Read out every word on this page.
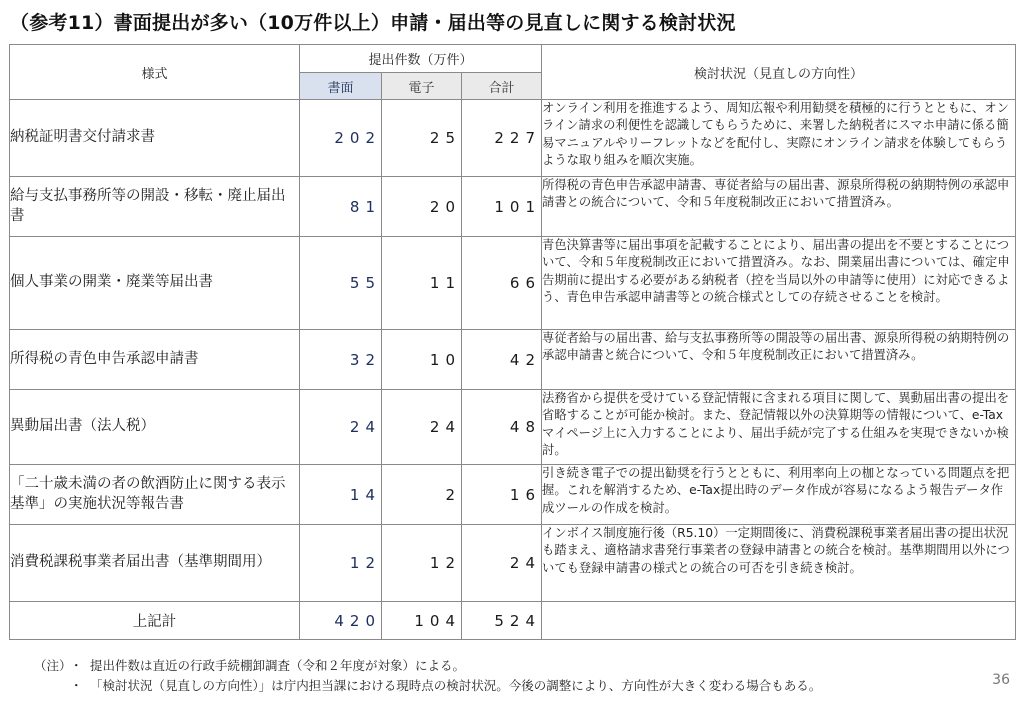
（参考11）書面提出が多い（10万件以上）申請・届出等の見直しに関する検討状況
様式	提出件数（万件）			検討状況（見直しの方向性）
	書面	電子	合計	
納税証明書交付請求書	202	25	227	オンライン利用を推進するよう、周知広報や利用勧奨を積極的に行うとともに、オンライン請求の利便性を認識してもらうために、来署した納税者にスマホ申請に係る簡易マニュアルやリーフレットなどを配付し、実際にオンライン請求を体験してもらうような取り組みを順次実施。
給与支払事務所等の開設・移転・廃止届出書	81	20	101	所得税の青色申告承認申請書、専従者給与の届出書、源泉所得税の納期特例の承認申請書との統合について、令和５年度税制改正において措置済み。
個人事業の開業・廃業等届出書	55	11	66	青色決算書等に届出事項を記載することにより、届出書の提出を不要とすることについて、令和５年度税制改正において措置済み。なお、開業届出書については、確定申告期前に提出する必要がある納税者（控を当局以外の申請等に使用）に対応できるよう、青色申告承認申請書等との統合様式としての存続させることを検討。
所得税の青色申告承認申請書	32	10	42	専従者給与の届出書、給与支払事務所等の開設等の届出書、源泉所得税の納期特例の承認申請書と統合について、令和５年度税制改正において措置済み。
異動届出書（法人税）	24	24	48	法務省から提供を受けている登記情報に含まれる項目に関して、異動届出書の提出を省略することが可能か検討。また、登記情報以外の決算期等の情報について、e-Taxマイページ上に入力することにより、届出手続が完了する仕組みを実現できないか検討。
「二十歳未満の者の飲酒防止に関する表示基準」の実施状況等報告書	14	2	16	引き続き電子での提出勧奨を行うとともに、利用率向上の枷となっている問題点を把握。これを解消するため、e-Tax提出時のデータ作成が容易になるよう報告データ作成ツールの作成を検討。
消費税課税事業者届出書（基準期間用）	12	12	24	インボイス制度施行後（R5.10）一定期間後に、消費税課税事業者届出書の提出状況も踏まえ、適格請求書発行事業者の登録申請書との統合を検討。基準期間用以外についても登録申請書の様式との統合の可否を引き続き検討。
上記計	420	104	524	
（注）・ 提出件数は直近の行政手続棚卸調査（令和２年度が対象）による。
・ 「検討状況（見直しの方向性）」は庁内担当課における現時点の検討状況。今後の調整により、方向性が大きく変わる場合もある。	36
